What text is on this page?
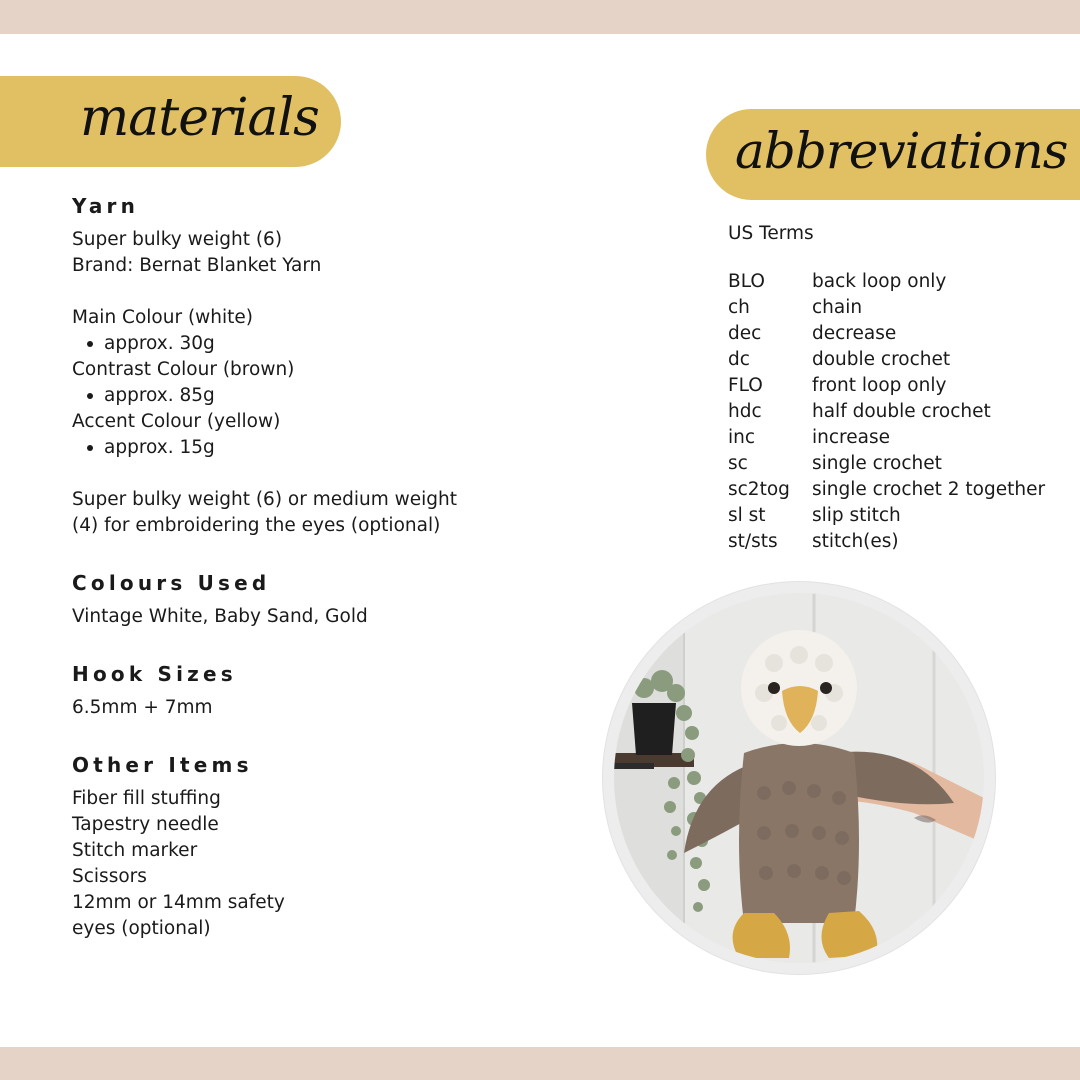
materials
abbreviations
Yarn
Super bulky weight (6)
Brand: Bernat Blanket Yarn
Main Colour (white)
approx. 30g
Contrast Colour (brown)
approx. 85g
Accent Colour (yellow)
approx. 15g
Super bulky weight (6) or medium weight
(4) for embroidering the eyes (optional)
Colours Used
Vintage White, Baby Sand, Gold
Hook Sizes
6.5mm + 7mm
Other Items
Fiber fill stuffing
Tapestry needle
Stitch marker
Scissors
12mm or 14mm safety
eyes (optional)
US Terms
BLO	back loop only
ch	chain
dec	decrease
dc	double crochet
FLO	front loop only
hdc	half double crochet
inc	increase
sc	single crochet
sc2tog	single crochet 2 together
sl st	slip stitch
st/sts	stitch(es)
